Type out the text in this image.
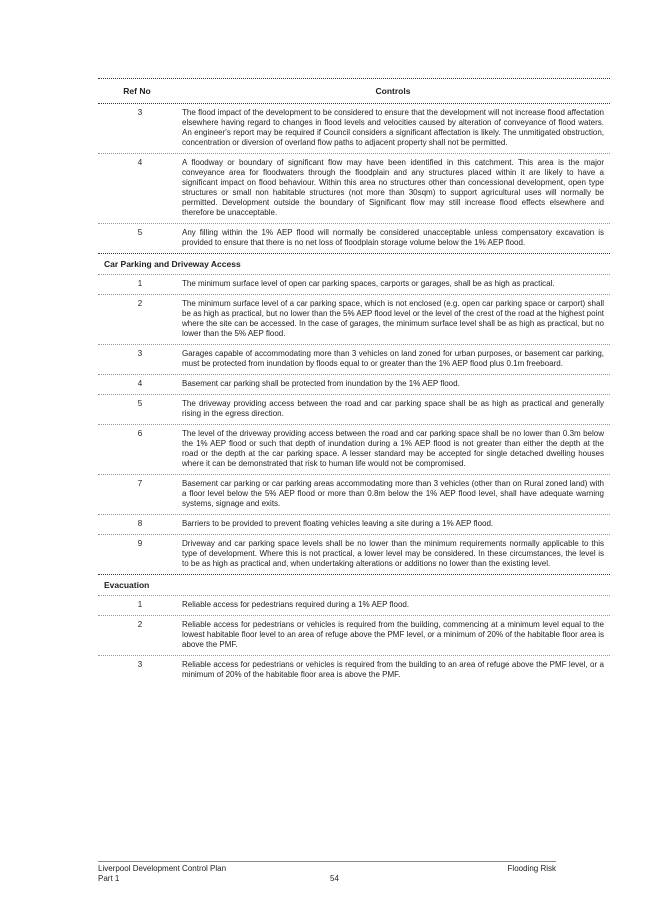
Ref No	Controls
3	The flood impact of the development to be considered to ensure that the development will not increase flood affectation elsewhere having regard to changes in flood levels and velocities caused by alteration of conveyance of flood waters. An engineer's report may be required if Council considers a significant affectation is likely. The unmitigated obstruction, concentration or diversion of overland flow paths to adjacent property shall not be permitted.
4	A floodway or boundary of significant flow may have been identified in this catchment. This area is the major conveyance area for floodwaters through the floodplain and any structures placed within it are likely to have a significant impact on flood behaviour. Within this area no structures other than concessional development, open type structures or small non habitable structures (not more than 30sqm) to support agricultural uses will normally be permitted. Development outside the boundary of Significant flow may still increase flood effects elsewhere and therefore be unacceptable.
5	Any filling within the 1% AEP flood will normally be considered unacceptable unless compensatory excavation is provided to ensure that there is no net loss of floodplain storage volume below the 1% AEP flood.
Car Parking and Driveway Access
1	The minimum surface level of open car parking spaces, carports or garages, shall be as high as practical.
2	The minimum surface level of a car parking space, which is not enclosed (e.g. open car parking space or carport) shall be as high as practical, but no lower than the 5% AEP flood level or the level of the crest of the road at the highest point where the site can be accessed. In the case of garages, the minimum surface level shall be as high as practical, but no lower than the 5% AEP flood.
3	Garages capable of accommodating more than 3 vehicles on land zoned for urban purposes, or basement car parking, must be protected from inundation by floods equal to or greater than the 1% AEP flood plus 0.1m freeboard.
4	Basement car parking shall be protected from inundation by the 1% AEP flood.
5	The driveway providing access between the road and car parking space shall be as high as practical and generally rising in the egress direction.
6	The level of the driveway providing access between the road and car parking space shall be no lower than 0.3m below the 1% AEP flood or such that depth of inundation during a 1% AEP flood is not greater than either the depth at the road or the depth at the car parking space. A lesser standard may be accepted for single detached dwelling houses where it can be demonstrated that risk to human life would not be compromised.
7	Basement car parking or car parking areas accommodating more than 3 vehicles (other than on Rural zoned land) with a floor level below the 5% AEP flood or more than 0.8m below the 1% AEP flood level, shall have adequate warning systems, signage and exits.
8	Barriers to be provided to prevent floating vehicles leaving a site during a 1% AEP flood.
9	Driveway and car parking space levels shall be no lower than the minimum requirements normally applicable to this type of development. Where this is not practical, a lower level may be considered. In these circumstances, the level is to be as high as practical and, when undertaking alterations or additions no lower than the existing level.
Evacuation
1	Reliable access for pedestrians required during a 1% AEP flood.
2	Reliable access for pedestrians or vehicles is required from the building, commencing at a minimum level equal to the lowest habitable floor level to an area of refuge above the PMF level, or a minimum of 20% of the habitable floor area is above the PMF.
3	Reliable access for pedestrians or vehicles is required from the building to an area of refuge above the PMF level, or a minimum of 20% of the habitable floor area is above the PMF.
Liverpool Development Control Plan
Part 1
Flooding Risk
54
